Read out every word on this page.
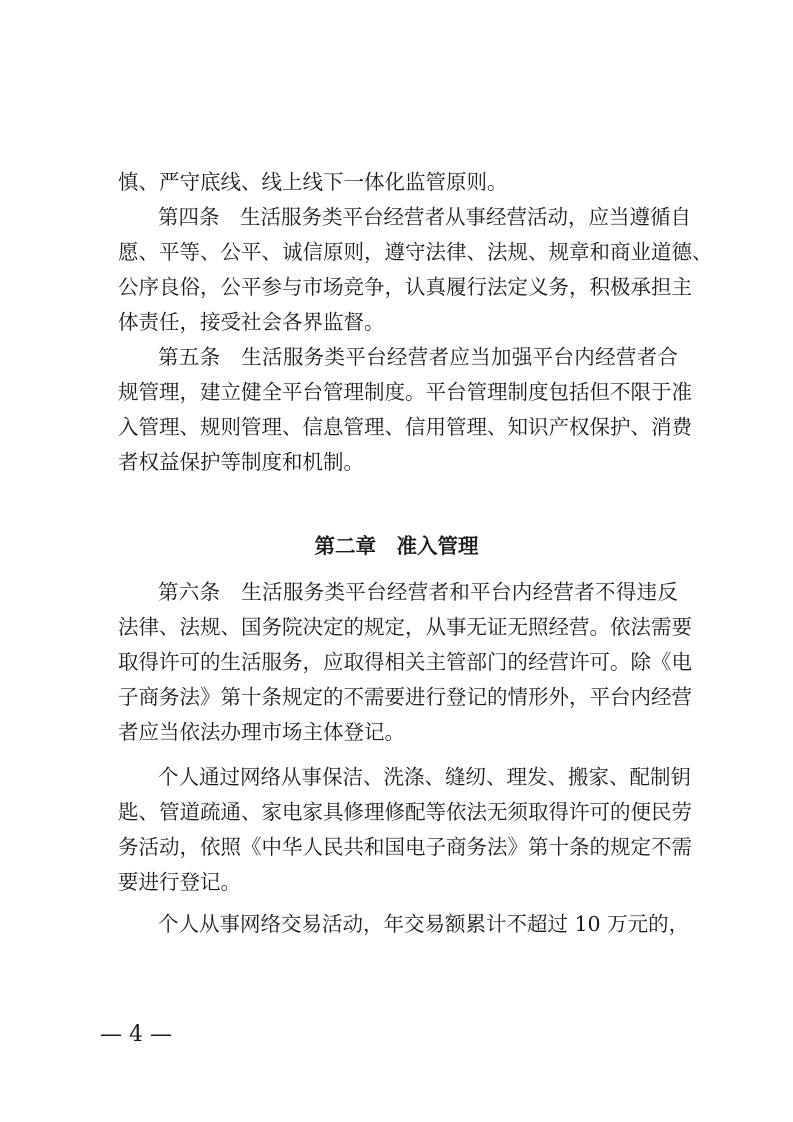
慎、严守底线、线上线下一体化监管原则。
第四条　生活服务类平台经营者从事经营活动，应当遵循自
愿、平等、公平、诚信原则，遵守法律、法规、规章和商业道德、
公序良俗，公平参与市场竞争，认真履行法定义务，积极承担主
体责任，接受社会各界监督。
第五条　生活服务类平台经营者应当加强平台内经营者合
规管理，建立健全平台管理制度。平台管理制度包括但不限于准
入管理、规则管理、信息管理、信用管理、知识产权保护、消费
者权益保护等制度和机制。
第二章　准入管理
第六条　生活服务类平台经营者和平台内经营者不得违反
法律、法规、国务院决定的规定，从事无证无照经营。依法需要
取得许可的生活服务，应取得相关主管部门的经营许可。除《电
子商务法》第十条规定的不需要进行登记的情形外，平台内经营
者应当依法办理市场主体登记。
个人通过网络从事保洁、洗涤、缝纫、理发、搬家、配制钥
匙、管道疏通、家电家具修理修配等依法无须取得许可的便民劳
务活动，依照《中华人民共和国电子商务法》第十条的规定不需
要进行登记。
个人从事网络交易活动，年交易额累计不超过 10 万元的，
— 4 —
